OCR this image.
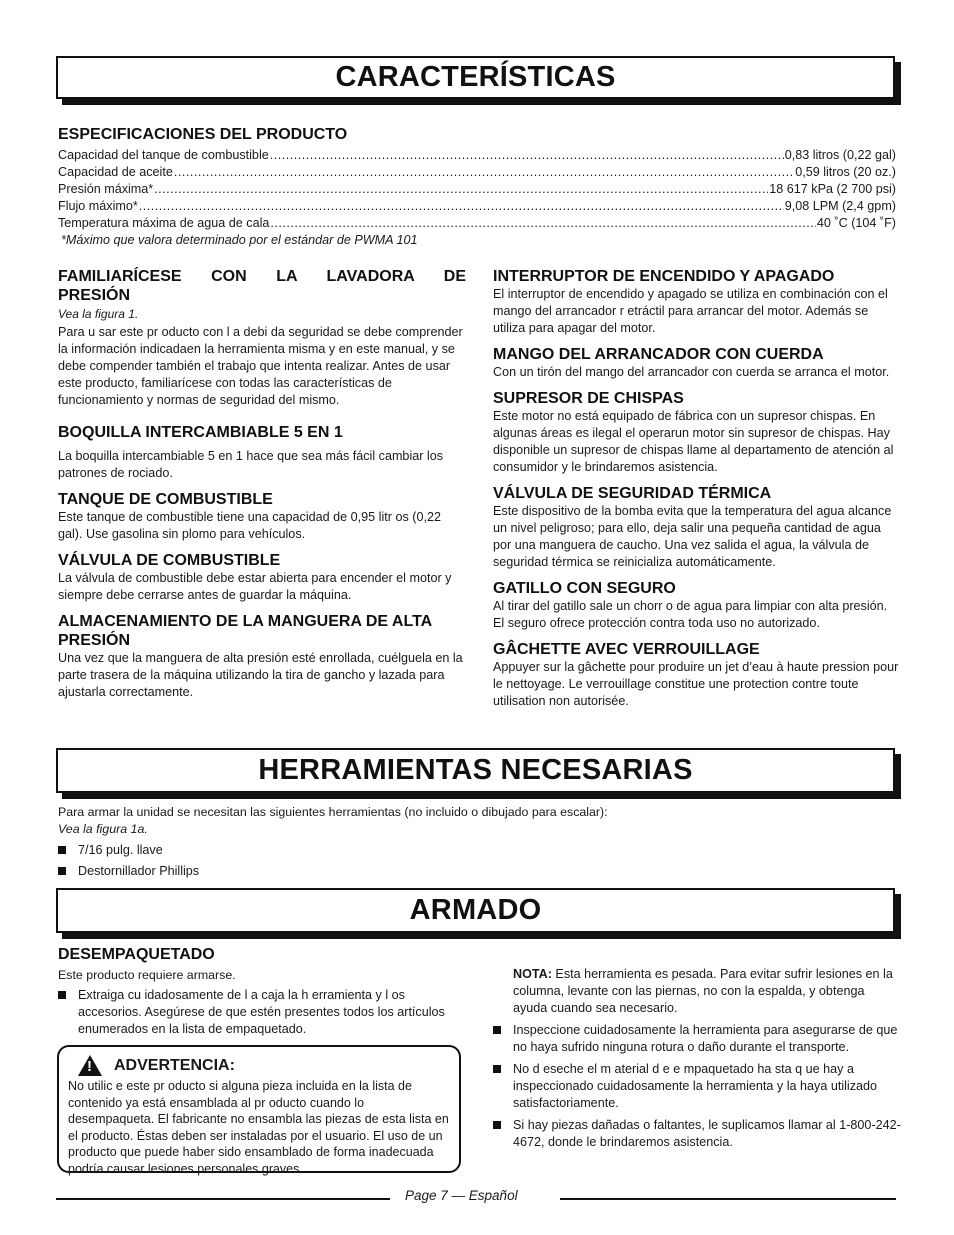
CARACTERÍSTICAS

ESPECIFICACIONES DEL PRODUCTO

Capacidad del tanque de combustible .....	0,83 litros (0,22 gal)
Capacidad de aceite .....	0,59 litros (20 oz.)
Presión máxima* .....	18 617 kPa (2 700 psi)
Flujo máximo* .....	9,08 LPM (2,4 gpm)
Temperatura máxima de agua de cala .....	40 ˚C (104 ˚F)

*Máximo que valora determinado por el estándar de PWMA 101

FAMILIARÍCESE CON LA LAVADORA DE PRESIÓN

Vea la figura 1.

Para u sar este pr oducto con l a debi da seguridad se debe comprender la información indicadaen la herramienta misma y en este manual, y se debe compender también el trabajo que intenta realizar. Antes de usar este producto, familiarícese con todas las características de funcionamiento y normas de seguridad del mismo.

BOQUILLA INTERCAMBIABLE 5 EN 1

La boquilla intercambiable 5 en 1 hace que sea más fácil cambiar los patrones de rociado.

TANQUE DE COMBUSTIBLE

Este tanque de combustible tiene una capacidad de 0,95 litr os (0,22 gal). Use gasolina sin plomo para vehículos.

VÁLVULA DE COMBUSTIBLE

La válvula de combustible debe estar abierta para encender el motor y siempre debe cerrarse antes de guardar la máquina.

ALMACENAMIENTO DE LA MANGUERA DE ALTA PRESIÓN

Una vez que la manguera de alta presión esté enrollada, cuélguela en la parte trasera de la máquina utilizando la tira de gancho y lazada para ajustarla correctamente.

INTERRUPTOR DE ENCENDIDO Y APAGADO

El interruptor de encendido y apagado se utiliza en combinación con el mango del arrancador r etráctil para arrancar del motor. Además se utiliza para apagar del motor.

MANGO DEL ARRANCADOR CON CUERDA

Con un tirón del mango del arrancador con cuerda se arranca el motor.

SUPRESOR DE CHISPAS

Este motor no está equipado de fábrica con un supresor chispas. En algunas áreas es ilegal el operarun motor sin supresor de chispas. Hay disponible un supresor de chispas llame al departamento de atención al consumidor y le brindaremos asistencia.

VÁLVULA DE SEGURIDAD TÉRMICA

Este dispositivo de la bomba evita que la temperatura del agua alcance un nivel peligroso; para ello, deja salir una pequeña cantidad de agua por una manguera de caucho. Una vez salida el agua, la válvula de seguridad térmica se reinicializa automáticamente.

GATILLO CON SEGURO

Al tirar del gatillo sale un chorr o de agua para limpiar con alta presión. El seguro ofrece protección contra toda uso no autorizado.

GÂCHETTE AVEC VERROUILLAGE

Appuyer sur la gâchette pour produire un jet d’eau à haute pression pour le nettoyage. Le verrouillage constitue une protection contre toute utilisation non autorisée.

HERRAMIENTAS NECESARIAS

Para armar la unidad se necesitan las siguientes herramientas (no incluido o dibujado para escalar):

Vea la figura 1a.

7/16 pulg. llave
Destornillador Phillips
ARMADO

DESEMPAQUETADO

Este producto requiere armarse.

Extraiga cu idadosamente de l a caja la h erramienta y l os accesorios. Asegúrese de que estén presentes todos los artículos enumerados en la lista de empaquetado.
! ADVERTENCIA:

No utilic e este pr oducto si alguna pieza incluida en la lista de contenido ya está ensamblada al pr oducto cuando lo desempaqueta. El fabricante no ensambla las piezas de esta lista en el producto. Éstas deben ser instaladas por el usuario. El uso de un producto que puede haber sido ensamblado de forma inadecuada podría causar lesiones personales graves.

NOTA: Esta herramienta es pesada. Para evitar sufrir lesiones en la columna, levante con las piernas, no con la espalda, y obtenga ayuda cuando sea necesario.

Inspeccione cuidadosamente la herramienta para asegurarse de que no haya sufrido ninguna rotura o daño durante el transporte.
No d eseche el m aterial d e e mpaquetado ha sta q ue hay a inspeccionado cuidadosamente la herramienta y la haya utilizado satisfactoriamente.
Si hay piezas dañadas o faltantes, le suplicamos llamar al 1-800-242-4672, donde le brindaremos asistencia.
Page 7 — Español
